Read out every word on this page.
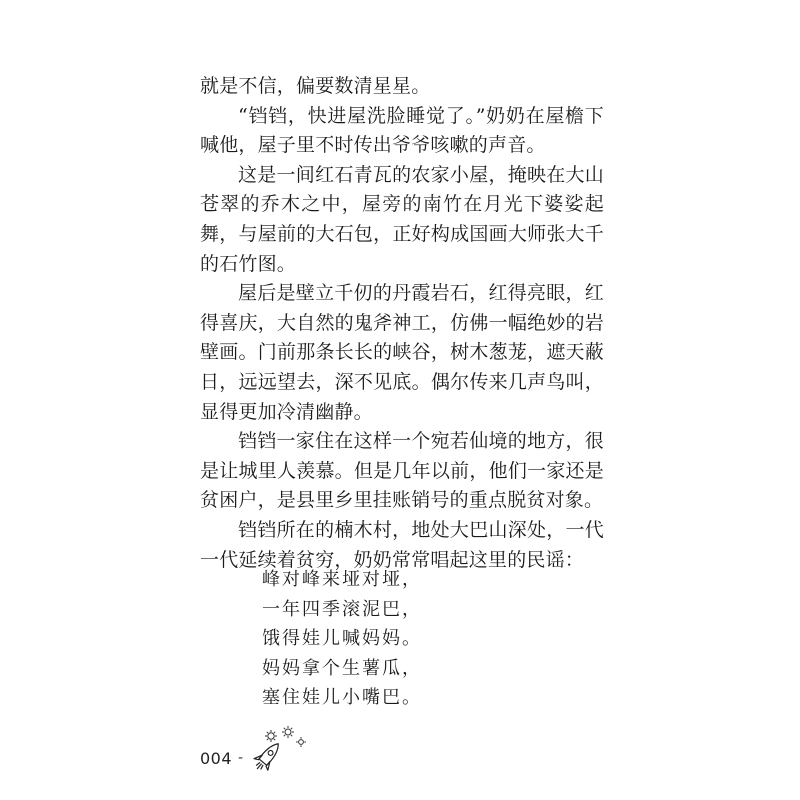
就是不信，偏要数清星星。

“铛铛，快进屋洗脸睡觉了。”奶奶在屋檐下喊他，屋子里不时传出爷爷咳嗽的声音。

这是一间红石青瓦的农家小屋，掩映在大山苍翠的乔木之中，屋旁的南竹在月光下婆娑起舞，与屋前的大石包，正好构成国画大师张大千的石竹图。

屋后是壁立千仞的丹霞岩石，红得亮眼，红得喜庆，大自然的鬼斧神工，仿佛一幅绝妙的岩壁画。门前那条长长的峡谷，树木葱茏，遮天蔽日，远远望去，深不见底。偶尔传来几声鸟叫，显得更加冷清幽静。

铛铛一家住在这样一个宛若仙境的地方，很是让城里人羡慕。但是几年以前，他们一家还是贫困户，是县里乡里挂账销号的重点脱贫对象。

铛铛所在的楠木村，地处大巴山深处，一代一代延续着贫穷，奶奶常常唱起这里的民谣：

峰对峰来垭对垭，
一年四季滚泥巴，
饿得娃儿喊妈妈。
妈妈拿个生薯瓜，
塞住娃儿小嘴巴。
004 -
